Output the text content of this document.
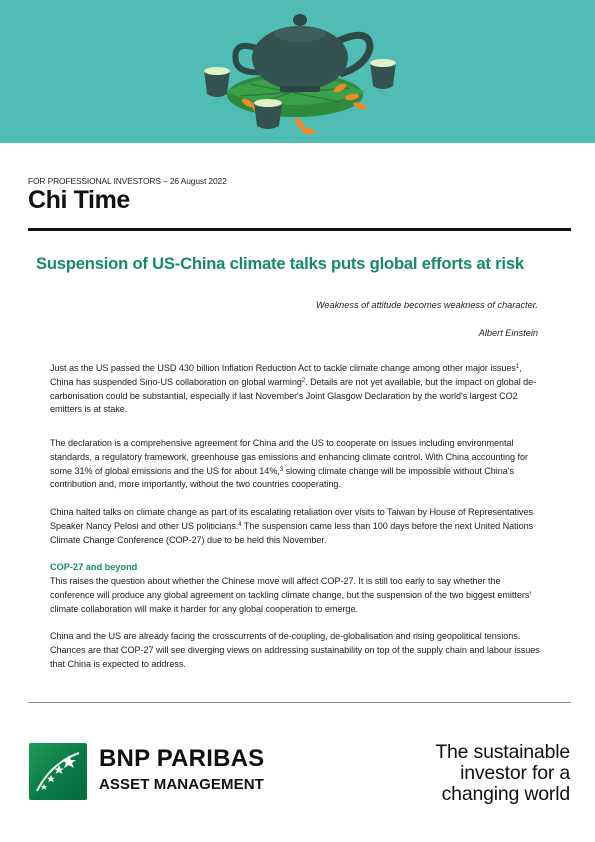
FOR PROFESSIONAL INVESTORS – 26 August 2022
Chi Time
Suspension of US-China climate talks puts global efforts at risk
Weakness of attitude becomes weakness of character.
Albert Einstein

Just as the US passed the USD 430 billion Inflation Reduction Act to tackle climate change among other major issues$^1$, China has suspended Sino-US collaboration on global warming$^2$. Details are not yet available, but the impact on global de-carbonisation could be substantial, especially if last November's Joint Glasgow Declaration by the world's largest CO2 emitters is at stake.

The declaration is a comprehensive agreement for China and the US to cooperate on issues including environmental standards, a regulatory framework, greenhouse gas emissions and enhancing climate control. With China accounting for some 31% of global emissions and the US for about 14%,$^3$ slowing climate change will be impossible without China's contribution and, more importantly, without the two countries cooperating.

China halted talks on climate change as part of its escalating retaliation over visits to Taiwan by House of Representatives Speaker Nancy Pelosi and other US politicians.$^4$ The suspension came less than 100 days before the next United Nations Climate Change Conference (COP-27) due to be held this November.

COP-27 and beyond

This raises the question about whether the Chinese move will affect COP-27. It is still too early to say whether the conference will produce any global agreement on tackling climate change, but the suspension of the two biggest emitters' climate collaboration will make it harder for any global cooperation to emerge.

China and the US are already facing the crosscurrents of de-coupling, de-globalisation and rising geopolitical tensions. Chances are that COP-27 will see diverging views on addressing sustainability on top of the supply chain and labour issues that China is expected to address.

BNP PARIBAS
ASSET MANAGEMENT
The sustainable
investor for a
changing world
